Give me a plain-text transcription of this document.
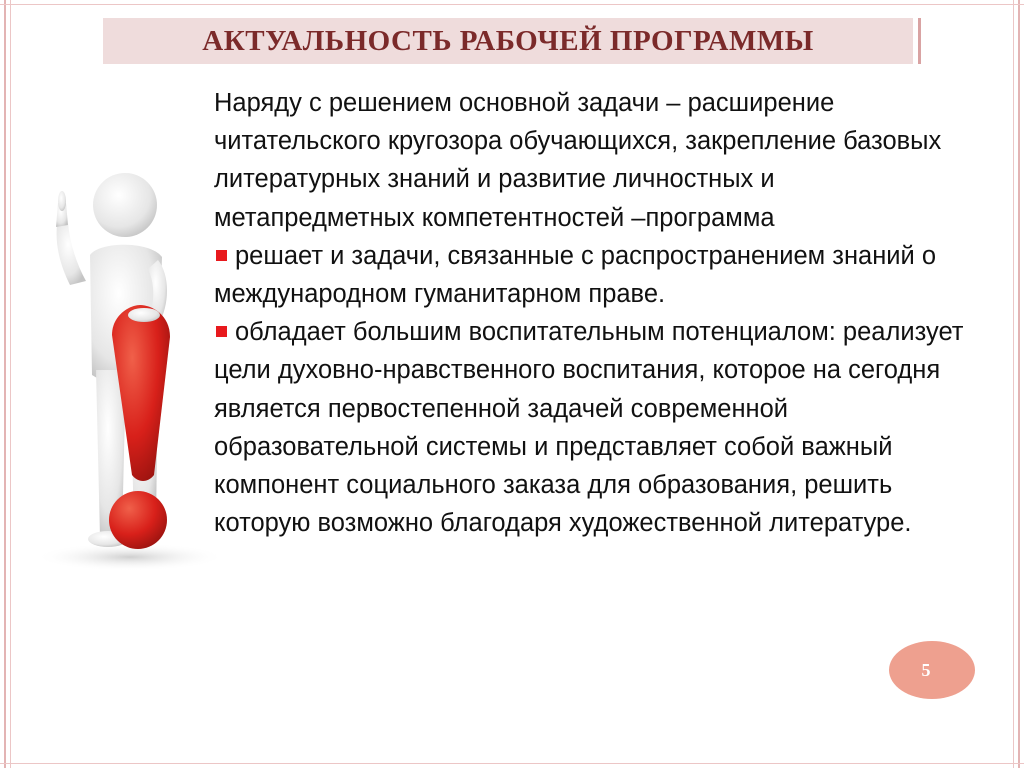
АКТУАЛЬНОСТЬ РАБОЧЕЙ ПРОГРАММЫ

Наряду с решением основной задачи – расширение читательского кругозора обучающихся, закрепление базовых литературных знаний и развитие личностных и метапредметных компетентностей –программа

решает и задачи, связанные с распространением знаний о международном гуманитарном праве.

обладает большим воспитательным потенциалом: реализует цели духовно-нравственного воспитания, которое на сегодня является первостепенной задачей современной образовательной системы и представляет собой важный компонент социального заказа для образования, решить которую возможно благодаря художественной литературе.

5
